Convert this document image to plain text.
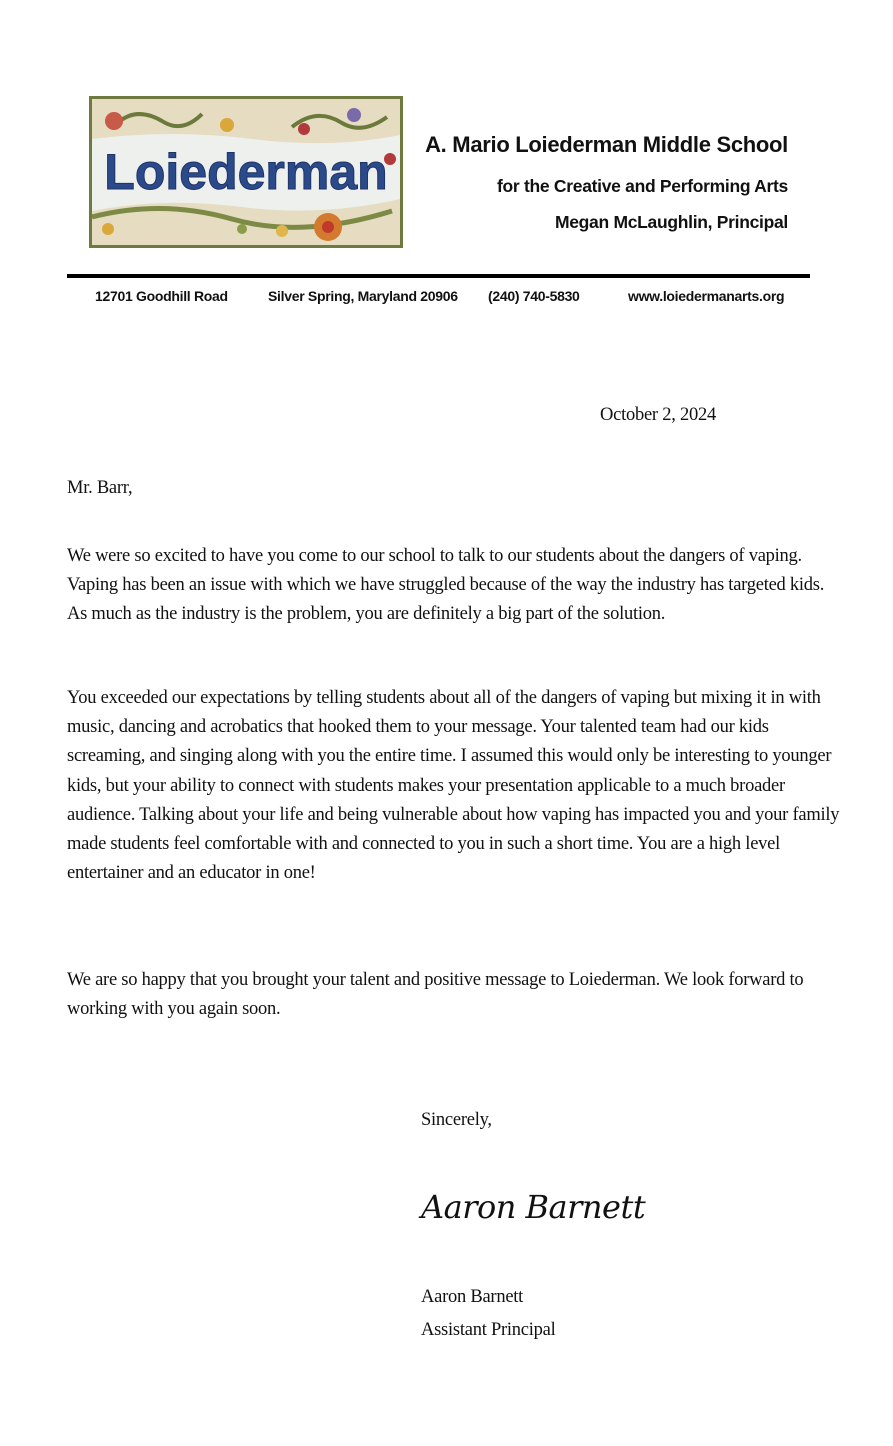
Loiederman A. Mario Loiederman Middle School
for the Creative and Performing Arts
Megan McLaughlin, Principal
12701 Goodhill Road	Silver Spring, Maryland 20906 (240) 740-5830	www.loiedermanarts.org
October 2, 2024
Mr. Barr,

We were so excited to have you come to our school to talk to our students about the dangers of vaping. Vaping has been an issue with which we have struggled because of the way the industry has targeted kids. As much as the industry is the problem, you are definitely a big part of the solution.

You exceeded our expectations by telling students about all of the dangers of vaping but mixing it in with music, dancing and acrobatics that hooked them to your message. Your talented team had our kids screaming, and singing along with you the entire time. I assumed this would only be interesting to younger kids, but your ability to connect with students makes your presentation applicable to a much broader audience. Talking about your life and being vulnerable about how vaping has impacted you and your family made students feel comfortable with and connected to you in such a short time. You are a high level entertainer and an educator in one!

We are so happy that you brought your talent and positive message to Loiederman. We look forward to working with you again soon.

Sincerely,
Aaron Barnett
Aaron Barnett
Assistant Principal
